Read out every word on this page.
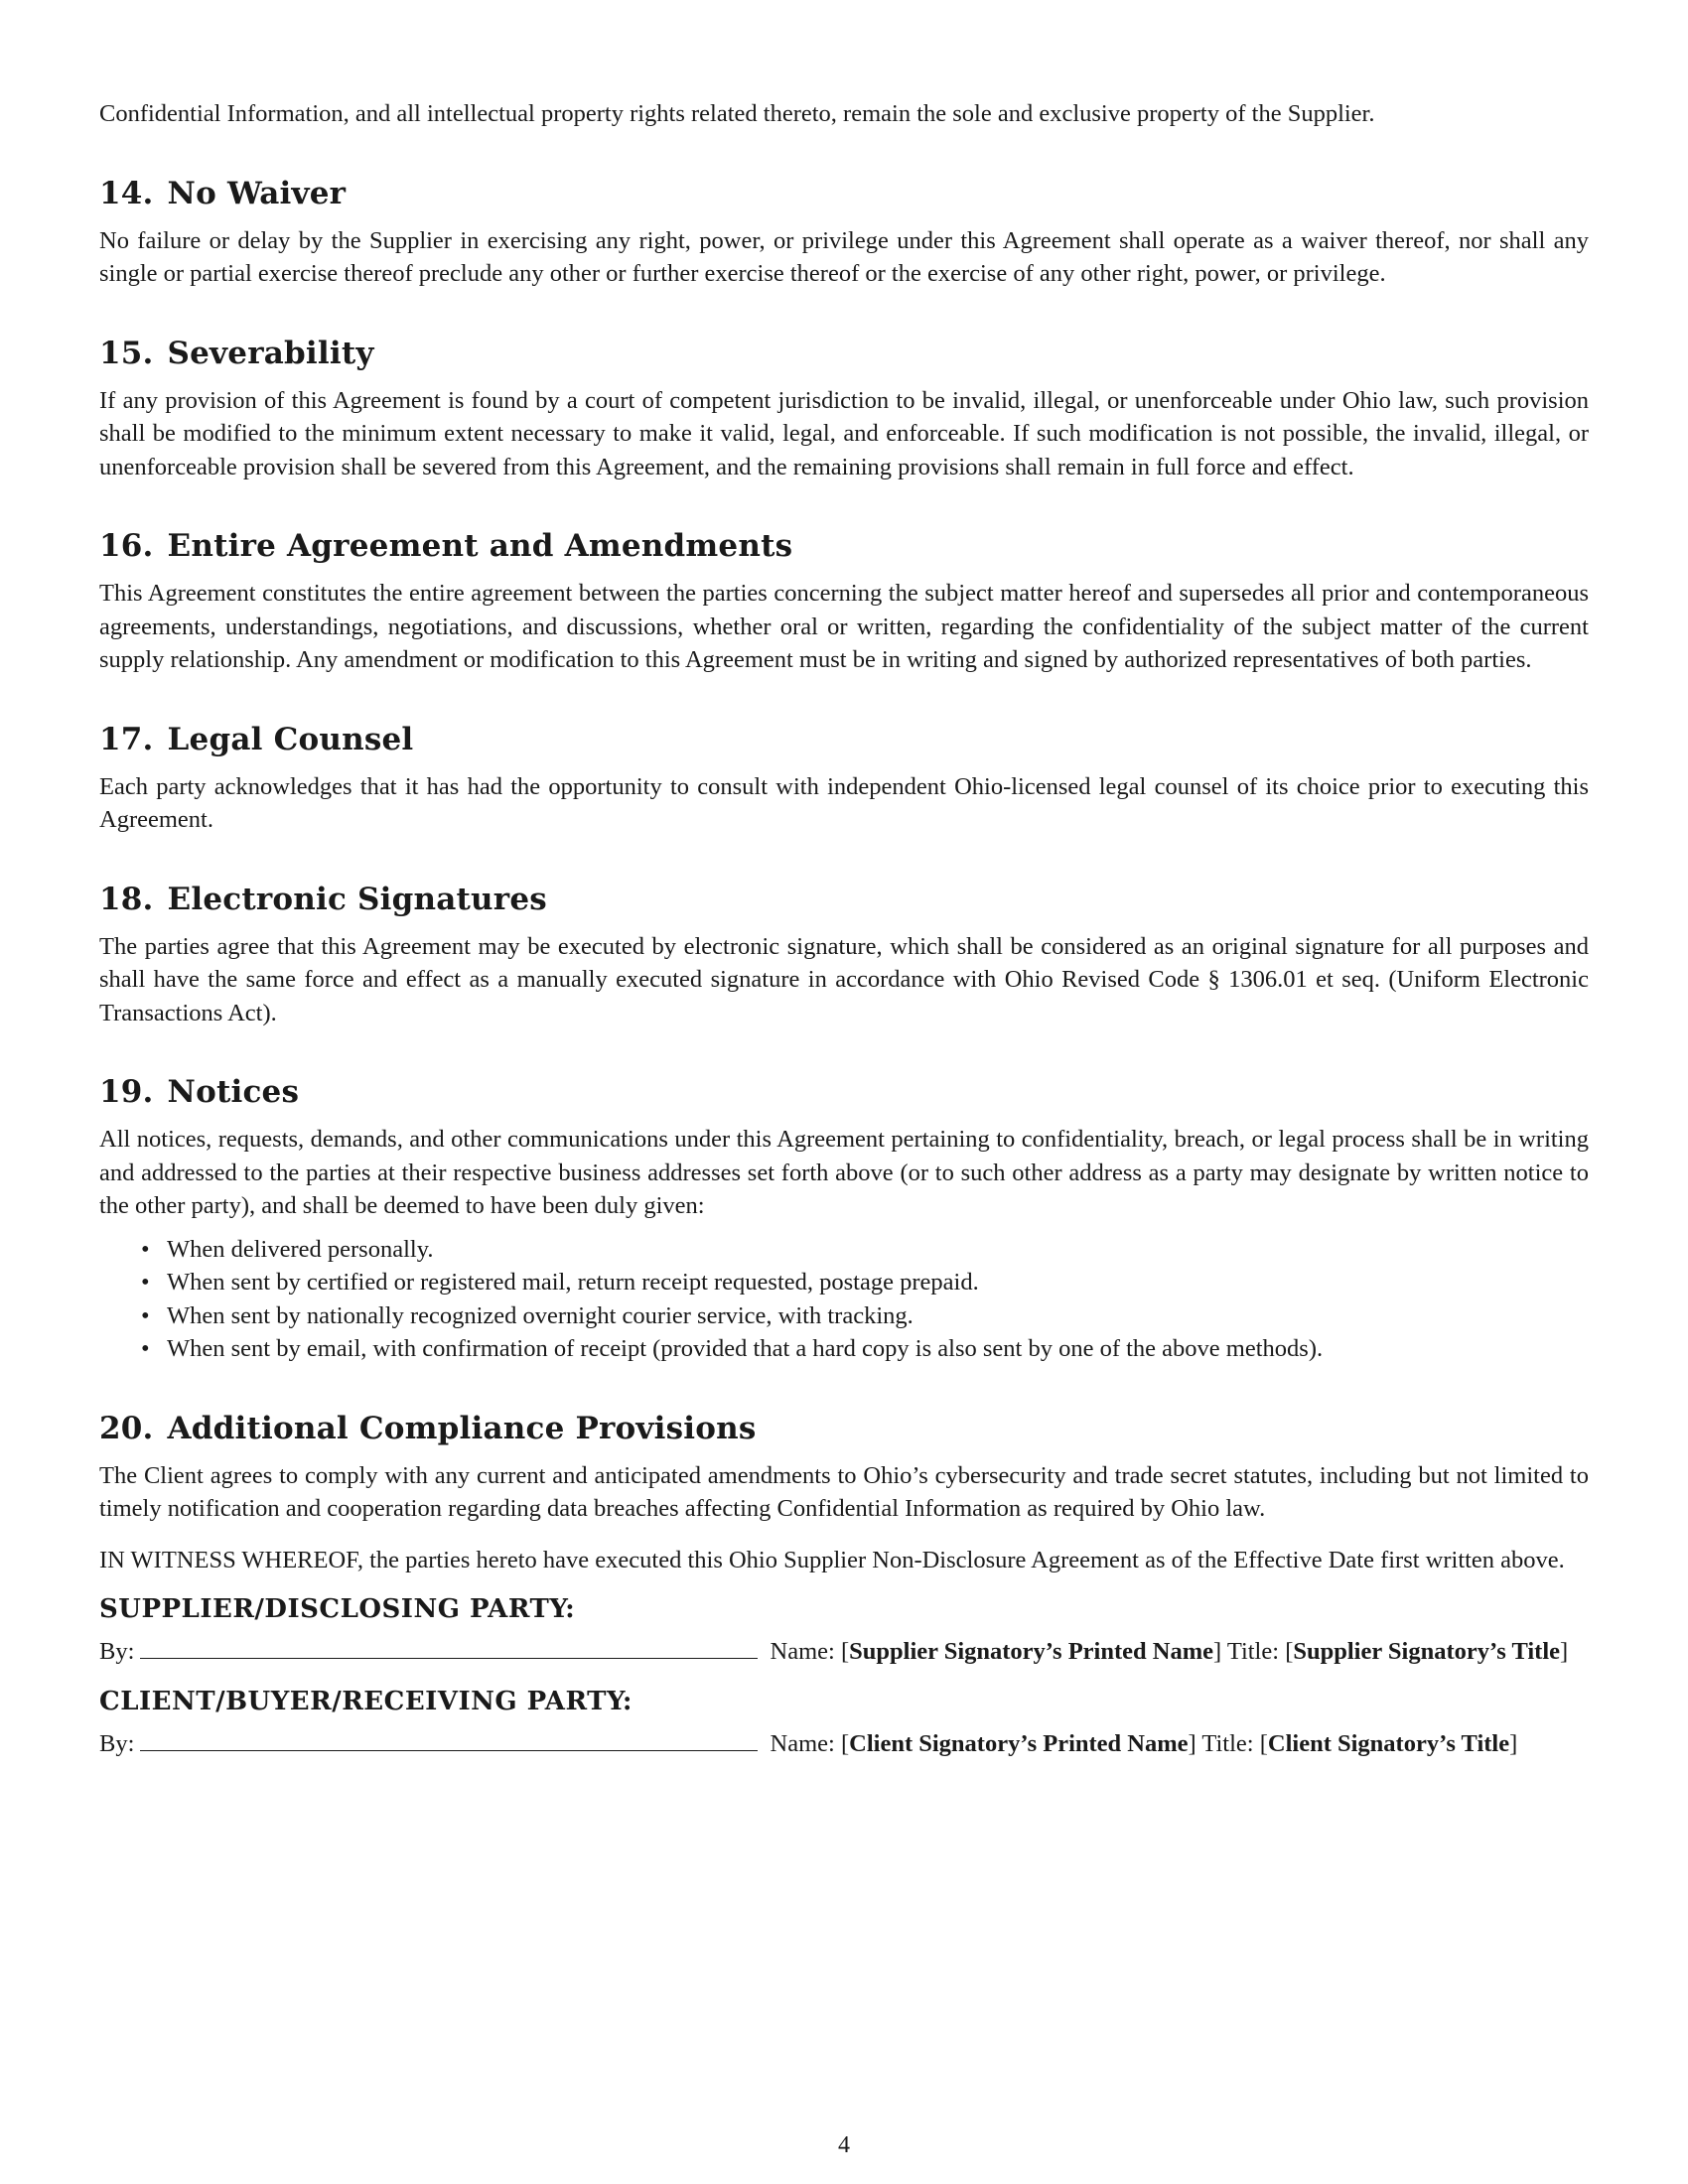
Confidential Information, and all intellectual property rights related thereto, remain the sole and exclusive property of the Supplier.

14. No Waiver

No failure or delay by the Supplier in exercising any right, power, or privilege under this Agreement shall operate as a waiver thereof, nor shall any single or partial exercise thereof preclude any other or further exercise thereof or the exercise of any other right, power, or privilege.

15. Severability

If any provision of this Agreement is found by a court of competent jurisdiction to be invalid, illegal, or unenforceable under Ohio law, such provision shall be modified to the minimum extent necessary to make it valid, legal, and enforceable. If such modification is not possible, the invalid, illegal, or unenforceable provision shall be severed from this Agreement, and the remaining provisions shall remain in full force and effect.

16. Entire Agreement and Amendments

This Agreement constitutes the entire agreement between the parties concerning the subject matter hereof and supersedes all prior and contemporaneous agreements, understandings, negotiations, and discussions, whether oral or written, regarding the confidentiality of the subject matter of the current supply relationship. Any amendment or modification to this Agreement must be in writing and signed by authorized representatives of both parties.

17. Legal Counsel

Each party acknowledges that it has had the opportunity to consult with independent Ohio-licensed legal counsel of its choice prior to executing this Agreement.

18. Electronic Signatures

The parties agree that this Agreement may be executed by electronic signature, which shall be considered as an original signature for all purposes and shall have the same force and effect as a manually executed signature in accordance with Ohio Revised Code § 1306.01 et seq. (Uniform Electronic Transactions Act).

19. Notices

All notices, requests, demands, and other communications under this Agreement pertaining to confidentiality, breach, or legal process shall be in writing and addressed to the parties at their respective business addresses set forth above (or to such other address as a party may designate by written notice to the other party), and shall be deemed to have been duly given:

• When delivered personally.
• When sent by certified or registered mail, return receipt requested, postage prepaid.
• When sent by nationally recognized overnight courier service, with tracking.
• When sent by email, with confirmation of receipt (provided that a hard copy is also sent by one of the above methods).
20. Additional Compliance Provisions

The Client agrees to comply with any current and anticipated amendments to Ohio’s cybersecurity and trade secret statutes, including but not limited to timely notification and cooperation regarding data breaches affecting Confidential Information as required by Ohio law.

IN WITNESS WHEREOF, the parties hereto have executed this Ohio Supplier Non-Disclosure Agreement as of the Effective Date first written above.

SUPPLIER/DISCLOSING PARTY:

By:	Name: [Supplier Signatory’s Printed Name] Title: [Supplier Signatory’s Title]

CLIENT/BUYER/RECEIVING PARTY:

By:	Name: [Client Signatory’s Printed Name] Title: [Client Signatory’s Title]

4
